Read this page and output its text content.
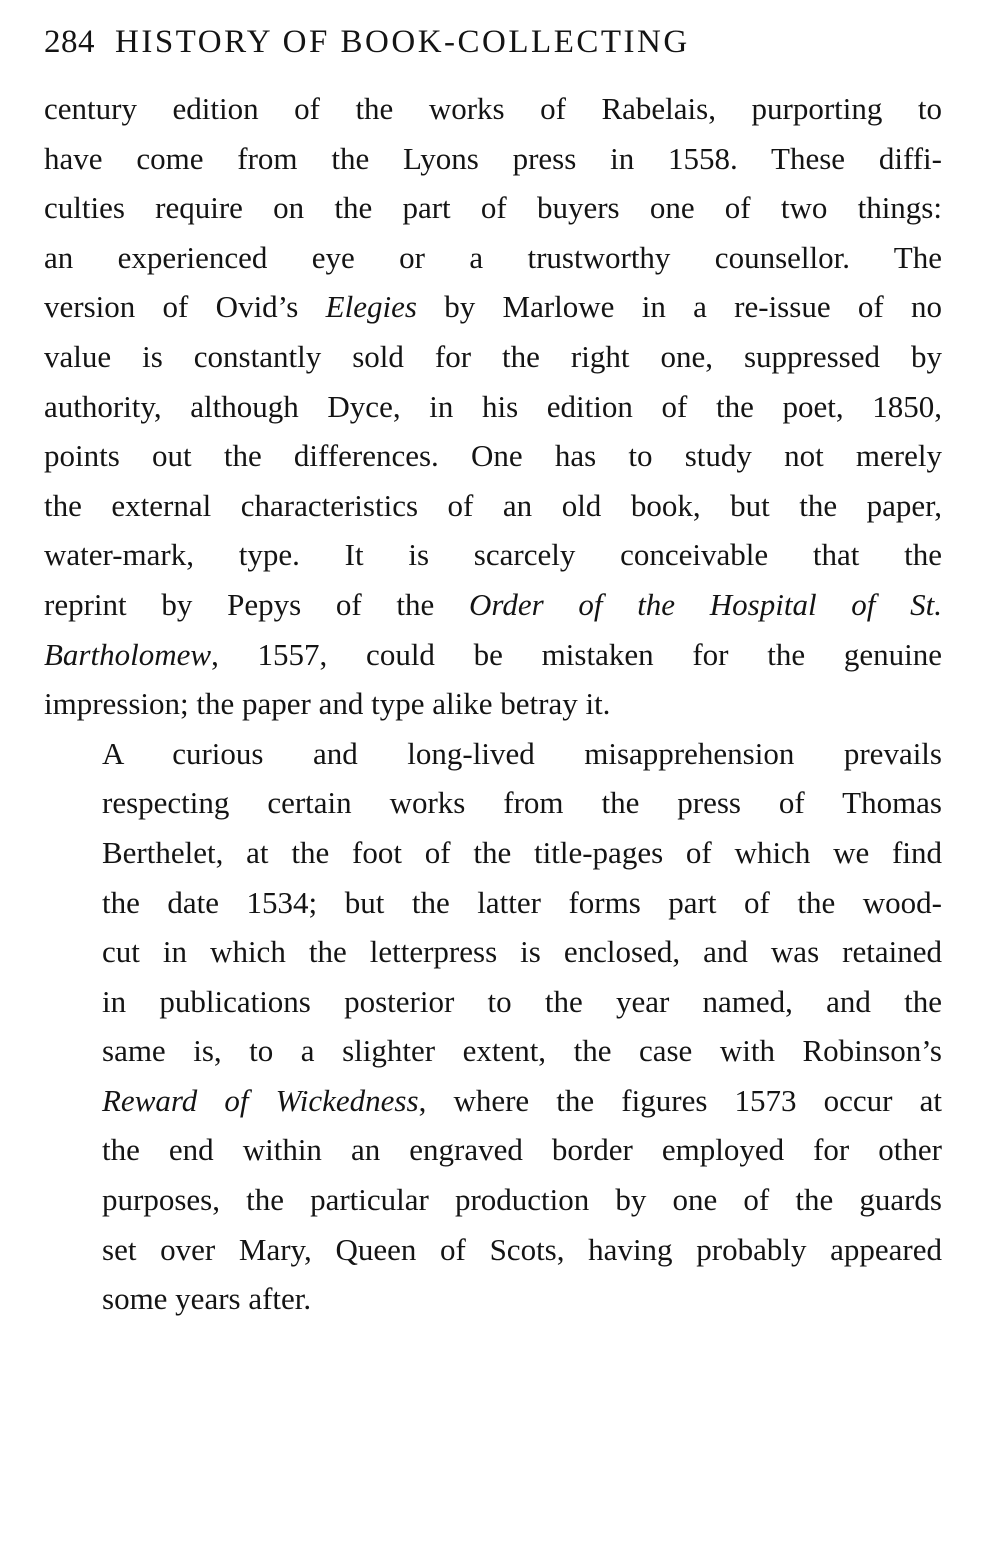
284 HISTORY OF BOOK-COLLECTING

century edition of the works of Rabelais, purporting to
have come from the Lyons press in 1558. These diffi-
culties require on the part of buyers one of two things:
an experienced eye or a trustworthy counsellor. The
version of Ovid’s Elegies by Marlowe in a re-issue of no
value is constantly sold for the right one, suppressed by
authority, although Dyce, in his edition of the poet, 1850,
points out the differences. One has to study not merely
the external characteristics of an old book, but the paper,
water-mark, type. It is scarcely conceivable that the
reprint by Pepys of the Order of the Hospital of St.
Bartholomew, 1557, could be mistaken for the genuine
impression; the paper and type alike betray it.

A curious and long-lived misapprehension prevails
respecting certain works from the press of Thomas
Berthelet, at the foot of the title-pages of which we find
the date 1534; but the latter forms part of the wood-
cut in which the letterpress is enclosed, and was retained
in publications posterior to the year named, and the
same is, to a slighter extent, the case with Robinson’s
Reward of Wickedness, where the figures 1573 occur at
the end within an engraved border employed for other
purposes, the particular production by one of the guards
set over Mary, Queen of Scots, having probably appeared
some years after.
